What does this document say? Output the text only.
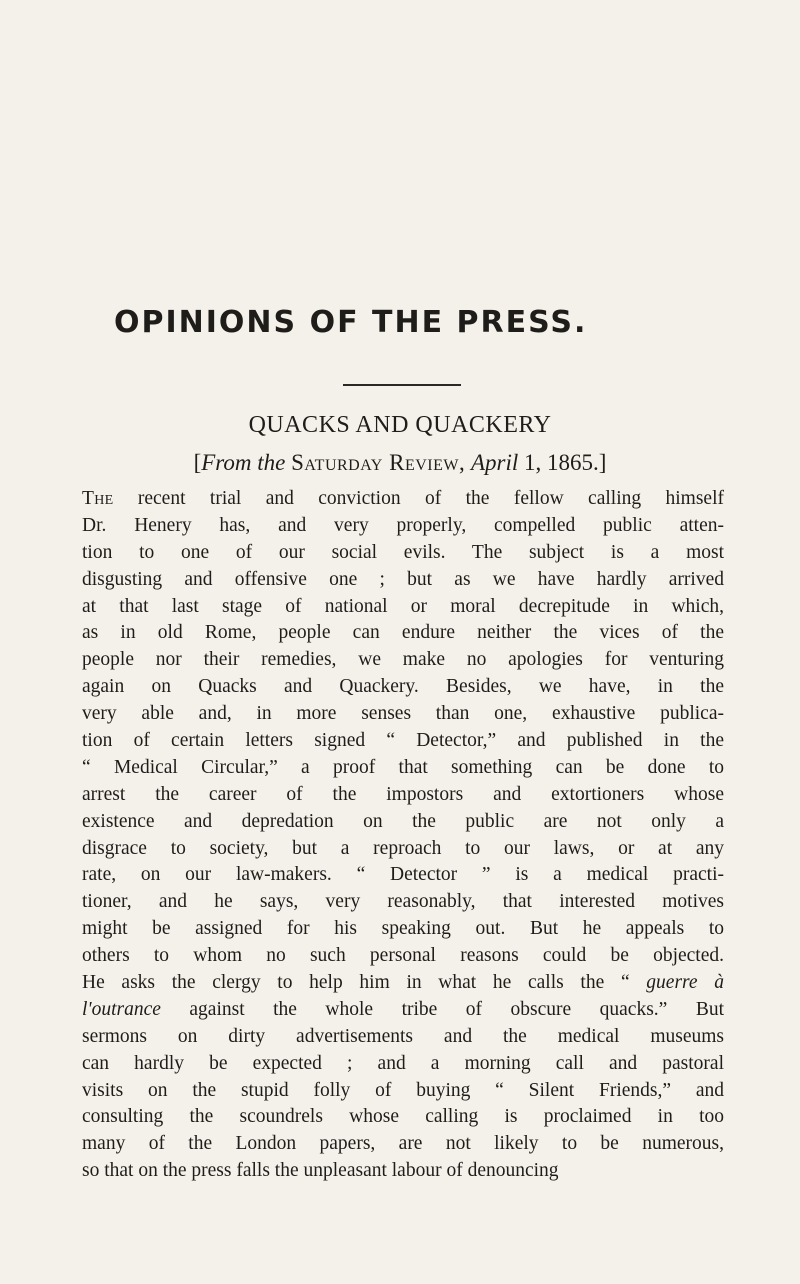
OPINIONS OF THE PRESS.
QUACKS AND QUACKERY
[From the Saturday Review, April 1, 1865.]
The recent trial and conviction of the fellow calling himself
Dr. Henery has, and very properly, compelled public atten-
tion to one of our social evils. The subject is a most
disgusting and offensive one ; but as we have hardly arrived
at that last stage of national or moral decrepitude in which,
as in old Rome, people can endure neither the vices of the
people nor their remedies, we make no apologies for venturing
again on Quacks and Quackery. Besides, we have, in the
very able and, in more senses than one, exhaustive publica-
tion of certain letters signed “ Detector,” and published in the
“ Medical Circular,” a proof that something can be done to
arrest the career of the impostors and extortioners whose
existence and depredation on the public are not only a
disgrace to society, but a reproach to our laws, or at any
rate, on our law-makers. “ Detector ” is a medical practi-
tioner, and he says, very reasonably, that interested motives
might be assigned for his speaking out. But he appeals to
others to whom no such personal reasons could be objected.
He asks the clergy to help him in what he calls the “ guerre à
l'outrance against the whole tribe of obscure quacks.” But
sermons on dirty advertisements and the medical museums
can hardly be expected ; and a morning call and pastoral
visits on the stupid folly of buying “ Silent Friends,” and
consulting the scoundrels whose calling is proclaimed in too
many of the London papers, are not likely to be numerous,
so that on the press falls the unpleasant labour of denouncing
